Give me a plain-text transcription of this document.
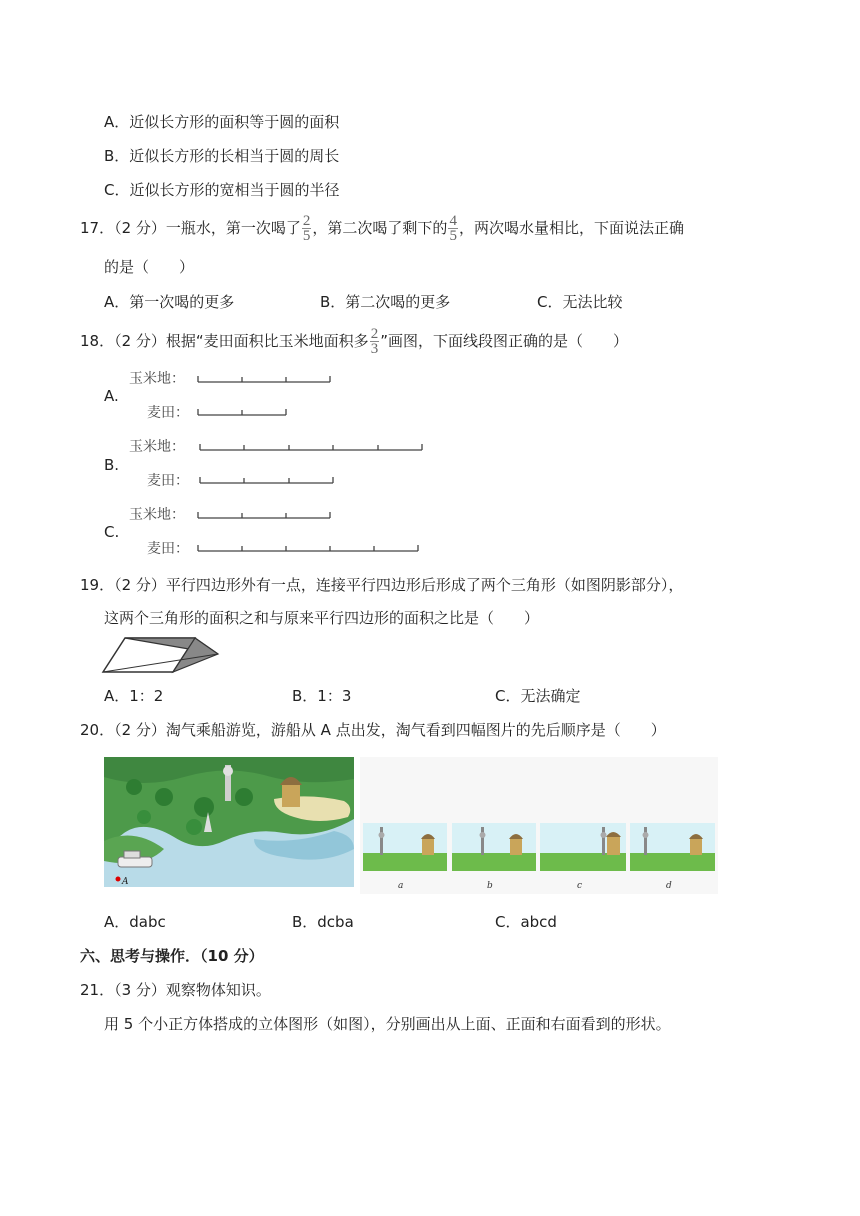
A．近似长方形的面积等于圆的面积
B．近似长方形的长相当于圆的周长
C．近似长方形的宽相当于圆的半径
17．（2 分）一瓶水，第一次喝了 $\frac{2}{5}$ ，第二次喝了剩下的 $\frac{4}{5}$ ，两次喝水量相比，下面说法正确
的是（　　）
A．第一次喝的更多	B．第二次喝的更多	C．无法比较
18．（2 分）根据“麦田面积比玉米地面积多 $\frac{2}{3}$ ”画图，下面线段图正确的是（　　）
A.
玉米地：
麦田：
B.
玉米地：
麦田：
C.
玉米地：
麦田：
19．（2 分）平行四边形外有一点，连接平行四边形后形成了两个三角形（如图阴影部分），
这两个三角形的面积之和与原来平行四边形的面积之比是（　　）
A．1：2	B．1：3	C．无法确定
20．（2 分）淘气乘船游览，游船从 A 点出发，淘气看到四幅图片的先后顺序是（　　）
A	a	b	c	d
A．dabc	B．dcba	C．abcd
六、思考与操作．（10 分）
21．（3 分）观察物体知识。
用 5 个小正方体搭成的立体图形（如图），分别画出从上面、正面和右面看到的形状。
